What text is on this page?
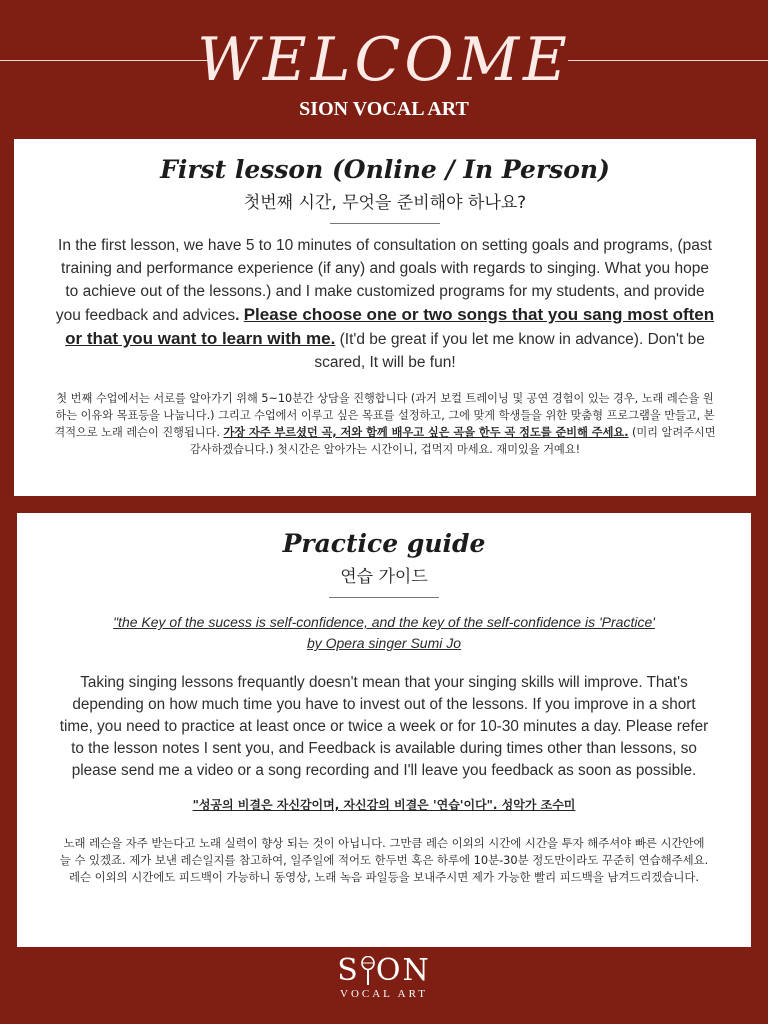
WELCOME
SION VOCAL ART
First lesson (Online / In Person)
첫번째 시간, 무엇을 준비해야 하나요?

In the first lesson, we have 5 to 10 minutes of consultation on setting goals and programs, (past training and performance experience (if any) and goals with regards to singing. What you hope to achieve out of the lessons.) and I make customized programs for my students, and provide you feedback and advices. Please choose one or two songs that you sang most often or that you want to learn with me. (It'd be great if you let me know in advance). Don't be scared, It will be fun!

첫 번째 수업에서는 서로를 알아가기 위해 5~10분간 상담을 진행합니다 (과거 보컬 트레이닝 및 공연 경험이 있는 경우, 노래 레슨을 원하는 이유와 목표등을 나눕니다.) 그리고 수업에서 이루고 싶은 목표를 설정하고, 그에 맞게 학생들을 위한 맞춤형 프로그램을 만들고, 본격적으로 노래 레슨이 진행됩니다. 가장 자주 부르셨던 곡, 저와 함께 배우고 싶은 곡을 한두 곡 정도를 준비해 주세요. (미리 알려주시면 감사하겠습니다.) 첫시간은 알아가는 시간이니, 겁먹지 마세요. 재미있을 거예요!

Practice guide
연습 가이드
"the Key of the sucess is self-confidence, and the key of the self-confidence is 'Practice'
by Opera singer Sumi Jo

Taking singing lessons frequantly doesn't mean that your singing skills will improve. That's depending on how much time you have to invest out of the lessons. If you improve in a short time, you need to practice at least once or twice a week or for 10-30 minutes a day. Please refer to the lesson notes I sent you, and Feedback is available during times other than lessons, so please send me a video or a song recording and I'll leave you feedback as soon as possible.

"성공의 비결은 자신감이며, 자신감의 비결은 '연습'이다". 성악가 조수미

노래 레슨을 자주 받는다고 노래 실력이 향상 되는 것이 아닙니다. 그만큼 레슨 이외의 시간에 시간을 투자 해주셔야 빠른 시간안에 늘 수 있겠죠. 제가 보낸 레슨일지를 참고하여, 일주일에 적어도 한두번 혹은 하루에 10분-30분 정도만이라도 꾸준히 연습해주세요. 레슨 이외의 시간에도 피드백이 가능하니 동영상, 노래 녹음 파일등을 보내주시면 제가 가능한 빨리 피드백을 남겨드리겠습니다.

S ON
VOCAL ART
